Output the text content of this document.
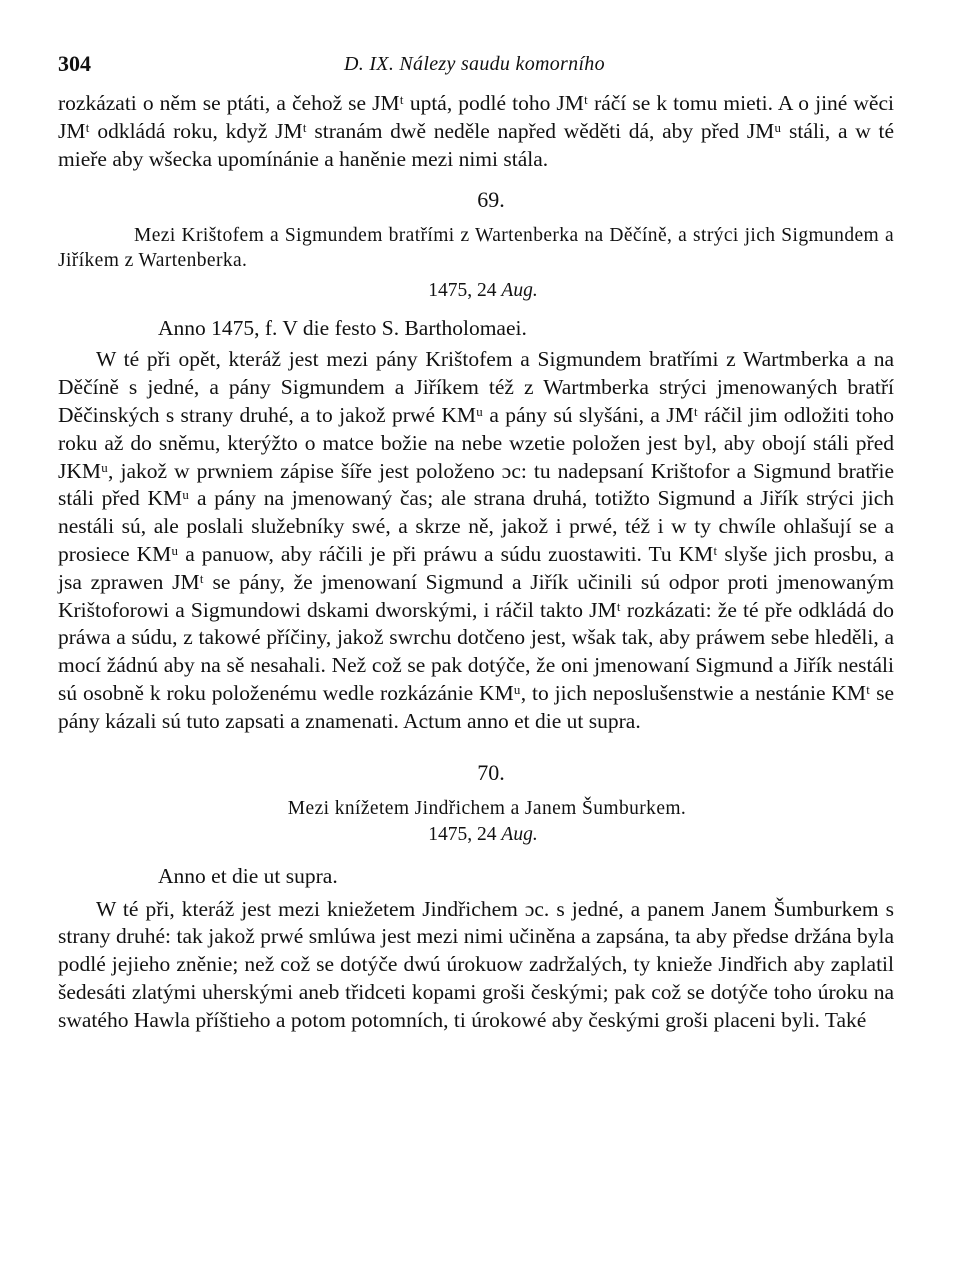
304	D. IX. Nálezy saudu komorního

rozkázati o něm se ptáti, a čehož se JMᵗ uptá, podlé toho JMᵗ ráčí se k tomu mieti. A o jiné wěci JMᵗ odkládá roku, když JMᵗ stranám dwě neděle napřed wěděti dá, aby před JMᵘ stáli, a w té mieře aby wšecka upomínánie a haněnie mezi nimi stála.

69.

Mezi Krištofem a Sigmundem bratřími z Wartenberka na Děčíně, a strýci jich Sigmundem a Jiříkem z Wartenberka.

1475, 24 Aug.

Anno 1475, f. V die festo S. Bartholomaei.

W té při opět, kteráž jest mezi pány Krištofem a Sigmundem bratřími z Wartmberka a na Děčíně s jedné, a pány Sigmundem a Jiříkem též z Wartmberka strýci jmenowaných bratří Děčinských s strany druhé, a to jakož prwé KMᵘ a pány sú slyšáni, a JMᵗ ráčil jim odložiti toho roku až do sněmu, kterýžto o matce božie na nebe wzetie položen jest byl, aby obojí stáli před JKMᵘ, jakož w prwniem zápise šíře jest položeno ɔc: tu nadepsaní Krištofor a Sigmund bratřie stáli před KMᵘ a pány na jmenowaný čas; ale strana druhá, totižto Sigmund a Jiřík strýci jich nestáli sú, ale poslali služebníky swé, a skrze ně, jakož i prwé, též i w ty chwíle ohlašují se a prosiece KMᵘ a panuow, aby ráčili je při práwu a súdu zuostawiti. Tu KMᵗ slyše jich prosbu, a jsa zprawen JMᵗ se pány, že jmenowaní Sigmund a Jiřík učinili sú odpor proti jmenowaným Krištoforowi a Sigmundowi dskami dworskými, i ráčil takto JMᵗ rozkázati: že té pře odkládá do práwa a súdu, z takowé příčiny, jakož swrchu dotčeno jest, wšak tak, aby práwem sebe hleděli, a mocí žádnú aby na sě nesahali. Než což se pak dotýče, že oni jmenowaní Sigmund a Jiřík nestáli sú osobně k roku položenému wedle rozkázánie KMᵘ, to jich neposlušenstwie a nestánie KMᵗ se pány kázali sú tuto zapsati a znamenati. Actum anno et die ut supra.

70.

Mezi knížetem Jindřichem a Janem Šumburkem.

1475, 24 Aug.

Anno et die ut supra.

W té při, kteráž jest mezi kniežetem Jindřichem ɔc. s jedné, a panem Janem Šumburkem s strany druhé: tak jakož prwé smlúwa jest mezi nimi učiněna a zapsána, ta aby předse držána byla podlé jejieho zněnie; než což se dotýče dwú úrokuow zadržalých, ty knieže Jindřich aby zaplatil šedesáti zlatými uherskými aneb třidceti kopami groši českými; pak což se dotýče toho úroku na swatého Hawla příštieho a potom potomních, ti úrokowé aby českými groši placeni byli. Také
